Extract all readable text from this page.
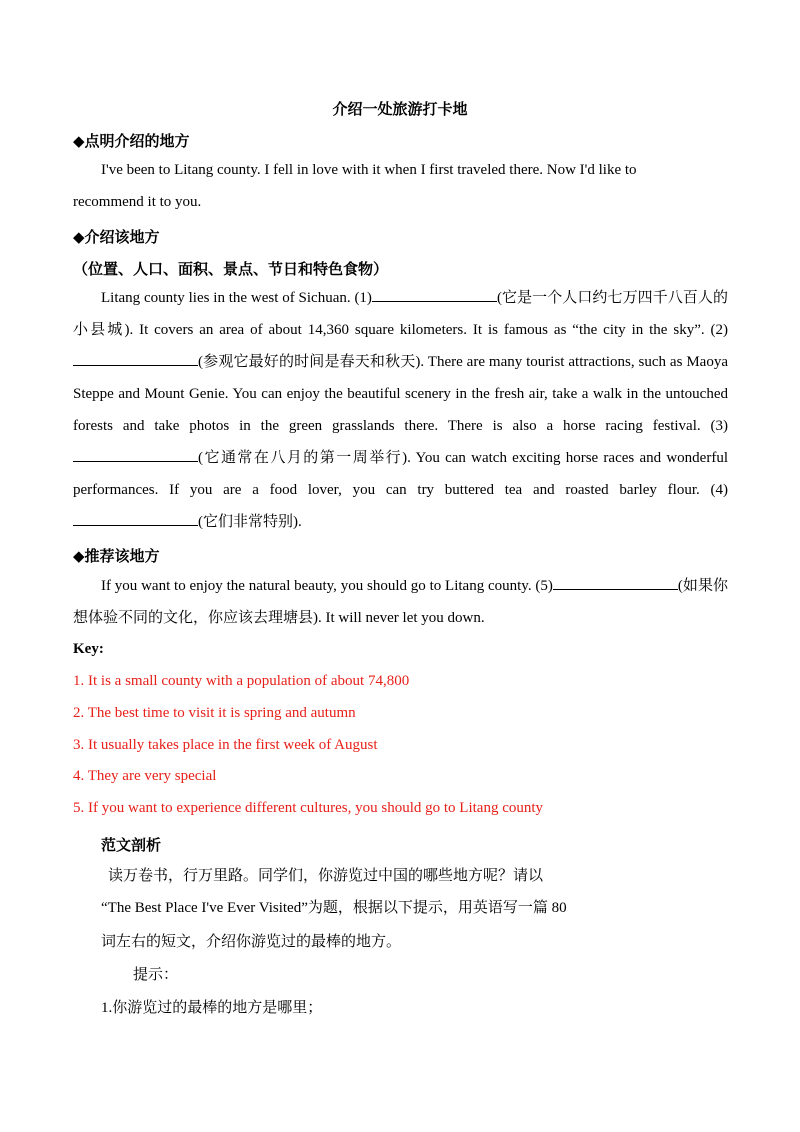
介绍一处旅游打卡地
◆点明介绍的地方
I've been to Litang county. I fell in love with it when I first traveled there. Now I'd like to
recommend it to you.
◆介绍该地方
（位置、人口、面积、景点、节日和特色食物）
Litang county lies in the west of Sichuan. (1)	(它是一个人口约七万四千八百人的小县城). It covers an area of about 14,360 square kilometers. It is famous as “the city in the sky”. (2)(参观它最好的时间是春天和秋天). There are many tourist attractions, such as Maoya Steppe and Mount Genie. You can enjoy the beautiful scenery in the fresh air, take a walk in the untouched forests and take photos in the green grasslands there. There is also a horse racing festival. (3)(它通常在八月的第一周举行). You can watch exciting horse races and wonderful performances. If you are a food lover, you can try buttered tea and roasted barley flour. (4)(它们非常特别).
◆推荐该地方
If you want to enjoy the natural beauty, you should go to Litang county. (5)	(如果你想体验不同的文化，你应该去理塘县). It will never let you down.
Key:
1. It is a small county with a population of about 74,800
2. The best time to visit it is spring and autumn
3. It usually takes place in the first week of August
4. They are very special
5. If you want to experience different cultures, you should go to Litang county
范文剖析
读万卷书，行万里路。同学们，你游览过中国的哪些地方呢？请以
“The Best Place I've Ever Visited”为题，根据以下提示，用英语写一篇 80
词左右的短文，介绍你游览过的最棒的地方。
提示：
1.你游览过的最棒的地方是哪里；
